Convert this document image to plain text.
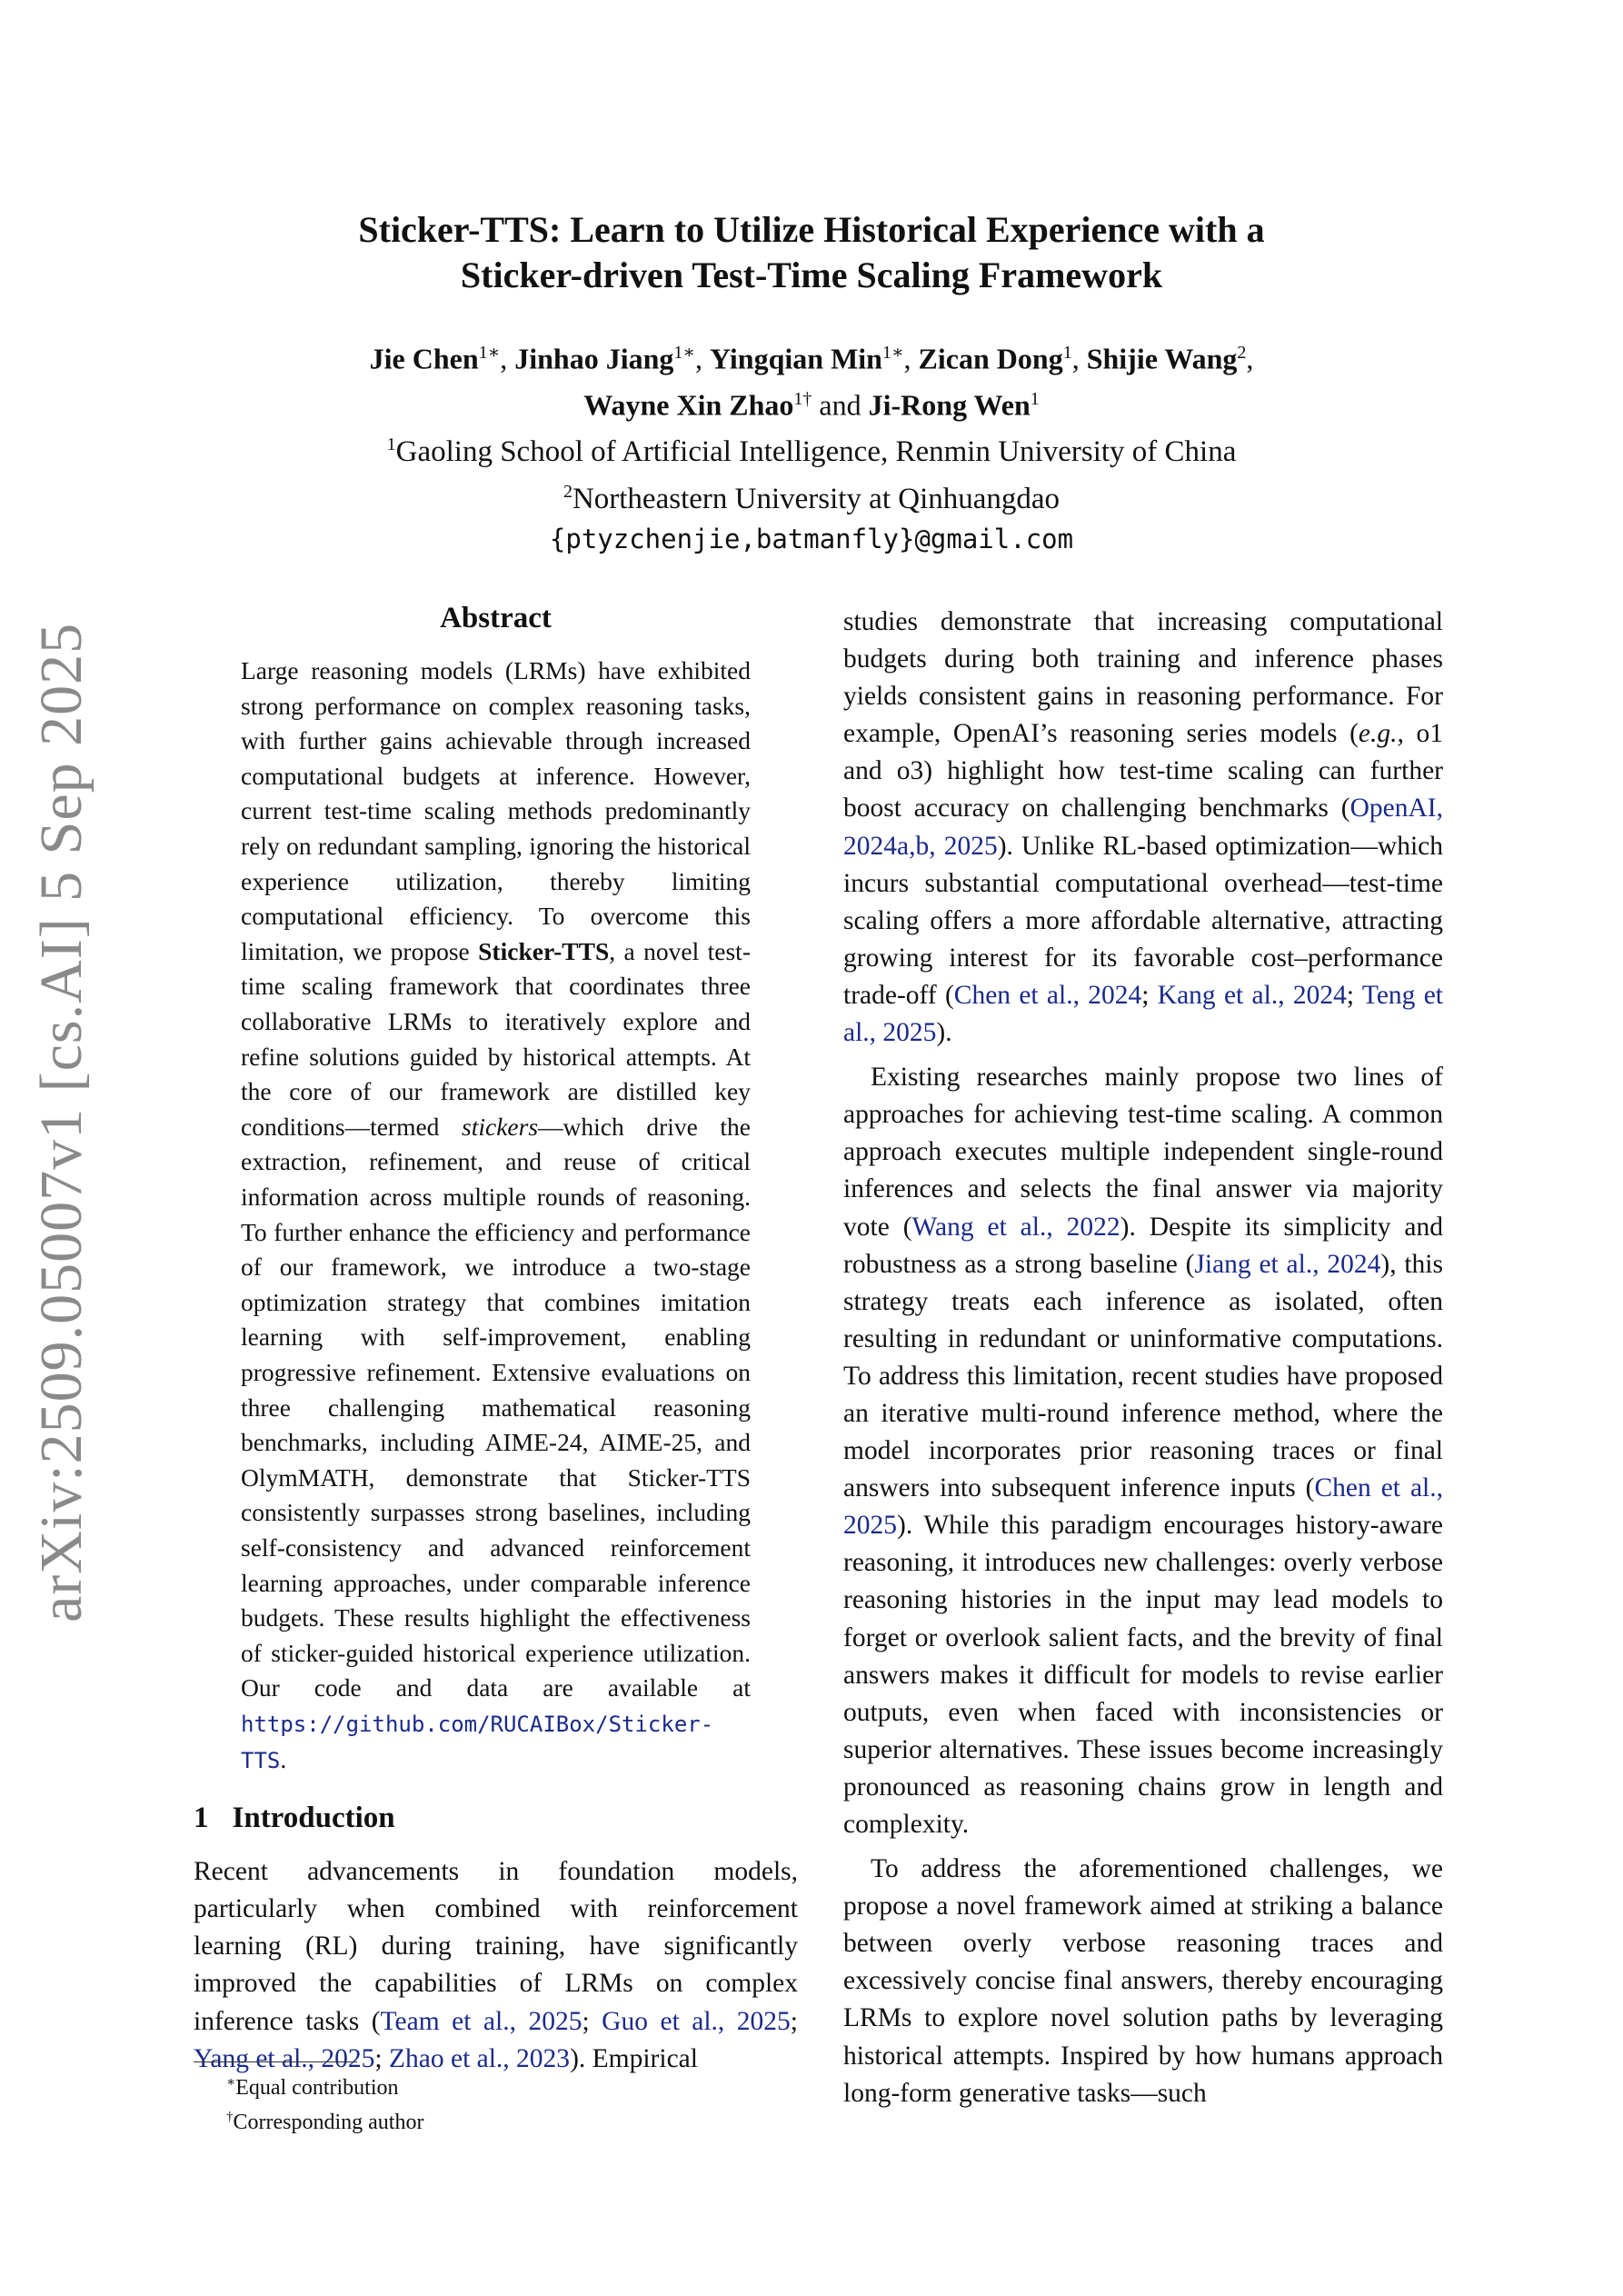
arXiv:2509.05007v1 [cs.AI] 5 Sep 2025

Sticker-TTS: Learn to Utilize Historical Experience with a
Sticker-driven Test-Time Scaling Framework

Jie Chen$^{1∗}$, Jinhao Jiang$^{1∗}$, Yingqian Min$^{1∗}$, Zican Dong$^1$, Shijie Wang$^2$,
Wayne Xin Zhao$^{1\dagger}$ and Ji-Rong Wen$^1$
$^1$Gaoling School of Artificial Intelligence, Renmin University of China
$^2$Northeastern University at Qinhuangdao
{ptyzchenjie,batmanfly}@gmail.com

Abstract

Large reasoning models (LRMs) have exhibited strong performance on complex reasoning tasks, with further gains achievable through increased computational budgets at inference. However, current test-time scaling methods predominantly rely on redundant sampling, ignoring the historical experience utilization, thereby limiting computational efficiency. To overcome this limitation, we propose Sticker-TTS, a novel test-time scaling framework that coordinates three collaborative LRMs to iteratively explore and refine solutions guided by historical attempts. At the core of our framework are distilled key conditions—termed stickers—which drive the extraction, refinement, and reuse of critical information across multiple rounds of reasoning. To further enhance the efficiency and performance of our framework, we introduce a two-stage optimization strategy that combines imitation learning with self-improvement, enabling progressive refinement. Extensive evaluations on three challenging mathematical reasoning benchmarks, including AIME-24, AIME-25, and OlymMATH, demonstrate that Sticker-TTS consistently surpasses strong baselines, including self-consistency and advanced reinforcement learning approaches, under comparable inference budgets. These results highlight the effectiveness of sticker-guided historical experience utilization. Our code and data are available at https://github.com/RUCAIBox/Sticker-TTS.

1 Introduction

Recent advancements in foundation models, particularly when combined with reinforcement learning (RL) during training, have significantly improved the capabilities of LRMs on complex inference tasks (Team et al., 2025; Guo et al., 2025; Yang et al., 2025; Zhao et al., 2023). Empirical

∗Equal contribution

†Corresponding author

studies demonstrate that increasing computational budgets during both training and inference phases yields consistent gains in reasoning performance. For example, OpenAI’s reasoning series models (e.g., o1 and o3) highlight how test-time scaling can further boost accuracy on challenging benchmarks (OpenAI, 2024a,b, 2025). Unlike RL-based optimization—which incurs substantial computational overhead—test-time scaling offers a more affordable alternative, attracting growing interest for its favorable cost–performance trade-off (Chen et al., 2024; Kang et al., 2024; Teng et al., 2025).

Existing researches mainly propose two lines of approaches for achieving test-time scaling. A common approach executes multiple independent single-round inferences and selects the final answer via majority vote (Wang et al., 2022). Despite its simplicity and robustness as a strong baseline (Jiang et al., 2024), this strategy treats each inference as isolated, often resulting in redundant or uninformative computations. To address this limitation, recent studies have proposed an iterative multi-round inference method, where the model incorporates prior reasoning traces or final answers into subsequent inference inputs (Chen et al., 2025). While this paradigm encourages history-aware reasoning, it introduces new challenges: overly verbose reasoning histories in the input may lead models to forget or overlook salient facts, and the brevity of final answers makes it difficult for models to revise earlier outputs, even when faced with inconsistencies or superior alternatives. These issues become increasingly pronounced as reasoning chains grow in length and complexity.

To address the aforementioned challenges, we propose a novel framework aimed at striking a balance between overly verbose reasoning traces and excessively concise final answers, thereby encouraging LRMs to explore novel solution paths by leveraging historical attempts. Inspired by how humans approach long-form generative tasks—such
